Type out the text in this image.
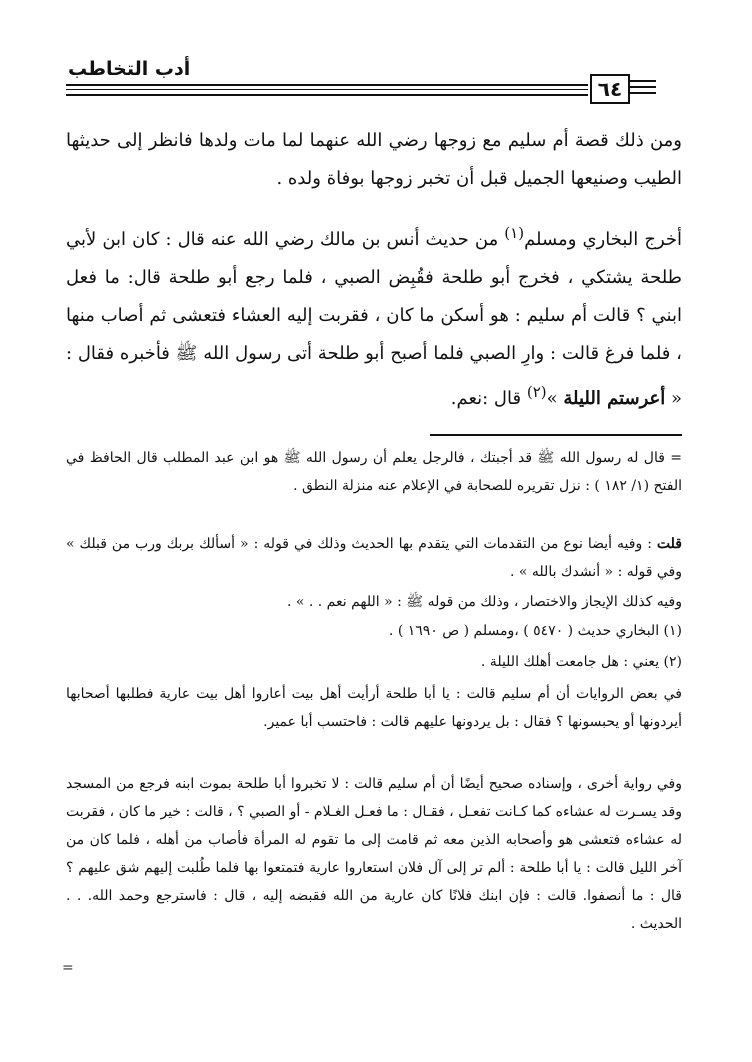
أدب التخاطب
٦٤

ومن ذلك قصة أم سليم مع زوجها رضي الله عنهما لما مات ولدها فانظر إلى حديثها الطيب وصنيعها الجميل قبل أن تخبر زوجها بوفاة ولده .

أخرج البخاري ومسلم$^{(١)}$ من حديث أنس بن مالك رضي الله عنه قال : كان ابن لأبي طلحة يشتكي ، فخرج أبو طلحة فقُبِض الصبي ، فلما رجع أبو طلحة قال: ما فعل ابني ؟ قالت أم سليم : هو أسكن ما كان ، فقربت إليه العشاء فتعشى ثم أصاب منها ، فلما فرغ قالت : وارِ الصبي فلما أصبح أبو طلحة أتى رسول الله ﷺ فأخبره فقال : « أعرستم الليلة »$^{(٢)}$ قال :نعم.

= قال له رسول الله ﷺ قد أجبتك ، فالرجل يعلم أن رسول الله ﷺ هو ابن عبد المطلب قال الحافظ في الفتح (١/ ١٨٢ ) : نزل تقريره للصحابة في الإعلام عنه منزلة النطق .

قلت : وفيه أيضا نوع من التقدمات التي يتقدم بها الحديث وذلك في قوله : « أسألك بربك ورب من قبلك » وفي قوله : « أنشدك بالله » .

وفيه كذلك الإيجاز والاختصار ، وذلك من قوله ﷺ : « اللهم نعم . . » .

(١) البخاري حديث ( ٥٤٧٠ ) ،ومسلم ( ص ١٦٩٠ ) .

(٢) يعني : هل جامعت أهلك الليلة .

في بعض الروايات أن أم سليم قالت : يا أبا طلحة أرأيت أهل بيت أعاروا أهل بيت عارية فطلبها أصحابها أيردونها أو يحبسونها ؟ فقال : بل يردونها عليهم قالت : فاحتسب أبا عمير.

وفي رواية أخرى ، وإسناده صحيح أيضًا أن أم سليم قالت : لا تخبروا أبا طلحة بموت ابنه فرجع من المسجد وقد يسـرت له عشاءه كما كـانت تفعـل ، فقـال : ما فعـل الغـلام - أو الصبي ؟ ، قالت : خير ما كان ، فقربت له عشاءه فتعشى هو وأصحابه الذين معه ثم قامت إلى ما تقوم له المرأة فأصاب من أهله ، فلما كان من آخر الليل قالت : يا أبا طلحة : ألم تر إلى آل فلان استعاروا عارية فتمتعوا بها فلما طُلبت إليهم شق عليهم ؟ قال : ما أنصفوا. قالت : فإن ابنك فلانًا كان عارية من الله فقبضه إليه ، قال : فاسترجع وحمد الله. . . الحديث .

=
